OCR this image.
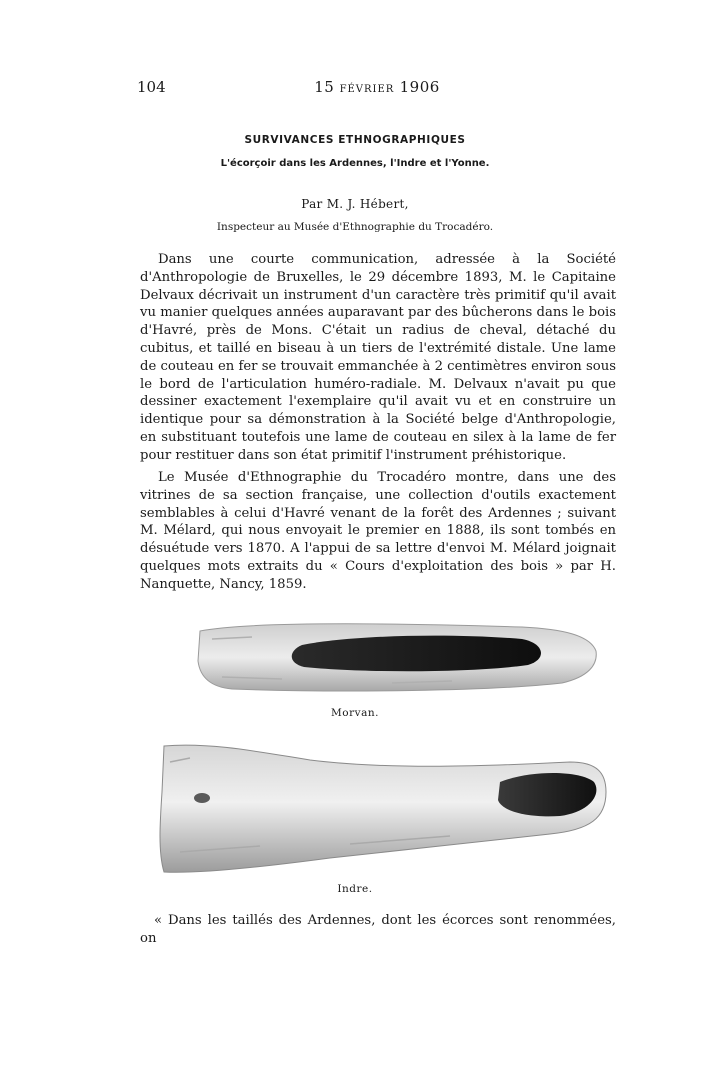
104	15 FÉVRIER 1906
SURVIVANCES ETHNOGRAPHIQUES
L'écorçoir dans les Ardennes, l'Indre et l'Yonne.
Par M. J. Hébert,
Inspecteur au Musée d'Ethnographie du Trocadéro.

Dans une courte communication, adressée à la Société d'Anthropologie de Bruxelles, le 29 décembre 1893, M. le Capitaine Delvaux décrivait un instrument d'un caractère très primitif qu'il avait vu manier quelques années auparavant par des bûcherons dans le bois d'Havré, près de Mons. C'était un radius de cheval, détaché du cubitus, et taillé en biseau à un tiers de l'extrémité distale. Une lame de couteau en fer se trouvait emmanchée à 2 centimètres environ sous le bord de l'articulation huméro-radiale. M. Delvaux n'avait pu que dessiner exactement l'exemplaire qu'il avait vu et en construire un identique pour sa démonstration à la Société belge d'Anthropologie, en substituant toutefois une lame de couteau en silex à la lame de fer pour restituer dans son état primitif l'instrument préhistorique.

Le Musée d'Ethnographie du Trocadéro montre, dans une des vitrines de sa section française, une collection d'outils exactement semblables à celui d'Havré venant de la forêt des Ardennes ; suivant M. Mélard, qui nous envoyait le premier en 1888, ils sont tombés en désuétude vers 1870. A l'appui de sa lettre d'envoi M. Mélard joignait quelques mots extraits du « Cours d'exploitation des bois » par H. Nanquette, Nancy, 1859.

Morvan.
Indre.

« Dans les taillés des Ardennes, dont les écorces sont renommées, on
